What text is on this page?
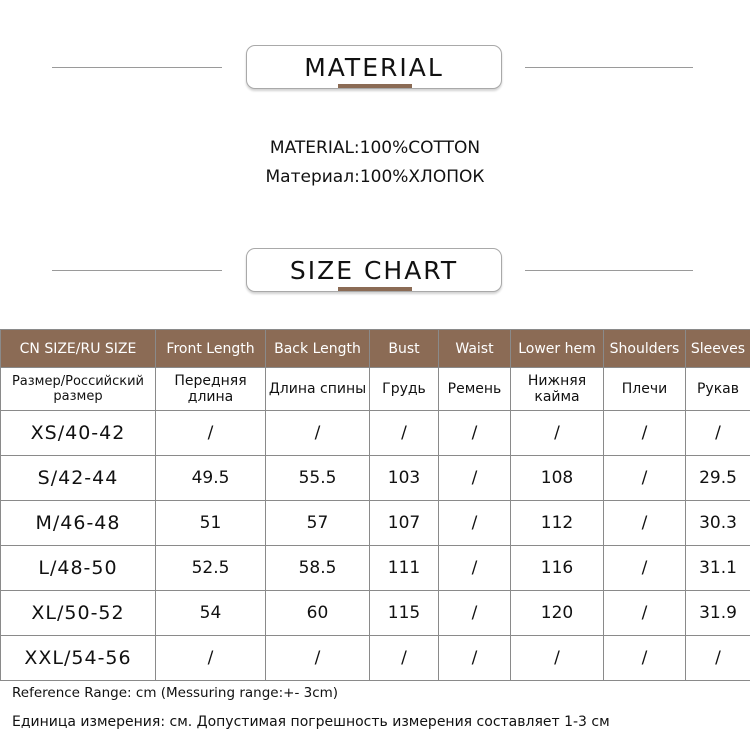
MATERIAL
MATERIAL:100%COTTON
Материал:100%ХЛОПОК
SIZE CHART
CN SIZE/RU SIZE	Front Length	Back Length	Bust	Waist	Lower hem	Shoulders	Sleeves
Размер/Российский размер	Передняя длина	Длина спины	Грудь	Ремень	Нижняя кайма	Плечи	Рукав
XS/40-42	/	/	/	/	/	/	/
S/42-44	49.5	55.5	103	/	108	/	29.5
M/46-48	51	57	107	/	112	/	30.3
L/48-50	52.5	58.5	111	/	116	/	31.1
XL/50-52	54	60	115	/	120	/	31.9
XXL/54-56	/	/	/	/	/	/	/
Reference Range: cm (Messuring range:+- 3cm)
Единица измерения: см. Допустимая погрешность измерения составляет 1-3 см
